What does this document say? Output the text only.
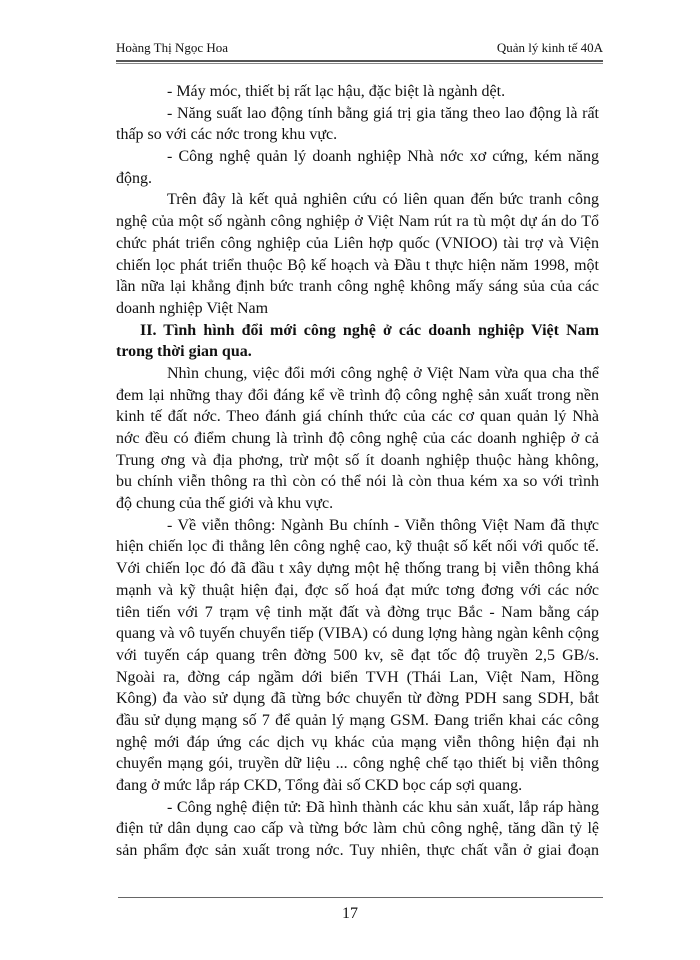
Hoàng Thị Ngọc Hoa	Quản lý kinh tế 40A
- Máy móc, thiết bị rất lạc hậu, đặc biệt là ngành dệt.
- Năng suất lao động tính bằng giá trị gia tăng theo lao động là rất
thấp so với các nớc trong khu vực.
- Công nghệ quản lý doanh nghiệp Nhà nớc xơ cứng, kém năng
động.
Trên đây là kết quả nghiên cứu có liên quan đến bức tranh công
nghệ của một số ngành công nghiệp ở Việt Nam rút ra tù một dự án do Tổ
chức phát triển công nghiệp của Liên hợp quốc (VNIOO) tài trợ và Viện
chiến lọc phát triển thuộc Bộ kế hoạch và Đầu t thực hiện năm 1998, một
lần nữa lại khẳng định bức tranh công nghệ không mấy sáng sủa của các
doanh nghiệp Việt Nam
II. Tình hình đổi mới công nghệ ở các doanh nghiệp Việt Nam
trong thời gian qua.
Nhìn chung, việc đổi mới công nghệ ở Việt Nam vừa qua cha thể
đem lại những thay đổi đáng kể về trình độ công nghệ sản xuất trong nền
kinh tế đất nớc. Theo đánh giá chính thức của các cơ quan quản lý Nhà
nớc đều có điểm chung là trình độ công nghệ của các doanh nghiệp ở cả
Trung ơng và địa phơng, trừ một số ít doanh nghiệp thuộc hàng không,
bu chính viễn thông ra thì còn có thể nói là còn thua kém xa so với trình
độ chung của thế giới và khu vực.
- Về viễn thông: Ngành Bu chính - Viễn thông Việt Nam đã thực
hiện chiến lọc đi thẳng lên công nghệ cao, kỹ thuật số kết nối với quốc tế.
Với chiến lọc đó đã đầu t xây dựng một hệ thống trang bị viễn thông khá
mạnh và kỹ thuật hiện đại, đợc số hoá đạt mức tơng đơng với các nớc
tiên tiến với 7 trạm vệ tinh mặt đất và đờng trục Bắc - Nam bằng cáp
quang và vô tuyến chuyển tiếp (VIBA) có dung lợng hàng ngàn kênh cộng
với tuyến cáp quang trên đờng 500 kv, sẽ đạt tốc độ truyền 2,5 GB/s.
Ngoài ra, đờng cáp ngầm dới biển TVH (Thái Lan, Việt Nam, Hồng
Kông) đa vào sử dụng đã từng bớc chuyển từ đờng PDH sang SDH, bắt
đầu sử dụng mạng số 7 để quản lý mạng GSM. Đang triển khai các công
nghệ mới đáp ứng các dịch vụ khác của mạng viễn thông hiện đại nh
chuyển mạng gói, truyền dữ liệu ... công nghệ chế tạo thiết bị viễn thông
đang ở mức lắp ráp CKD, Tổng đài số CKD bọc cáp sợi quang.
- Công nghệ điện tử: Đã hình thành các khu sản xuất, lắp ráp hàng
điện tử dân dụng cao cấp và từng bớc làm chủ công nghệ, tăng dần tỷ lệ
sản phẩm đợc sản xuất trong nớc. Tuy nhiên, thực chất vẫn ở giai đoạn
17
